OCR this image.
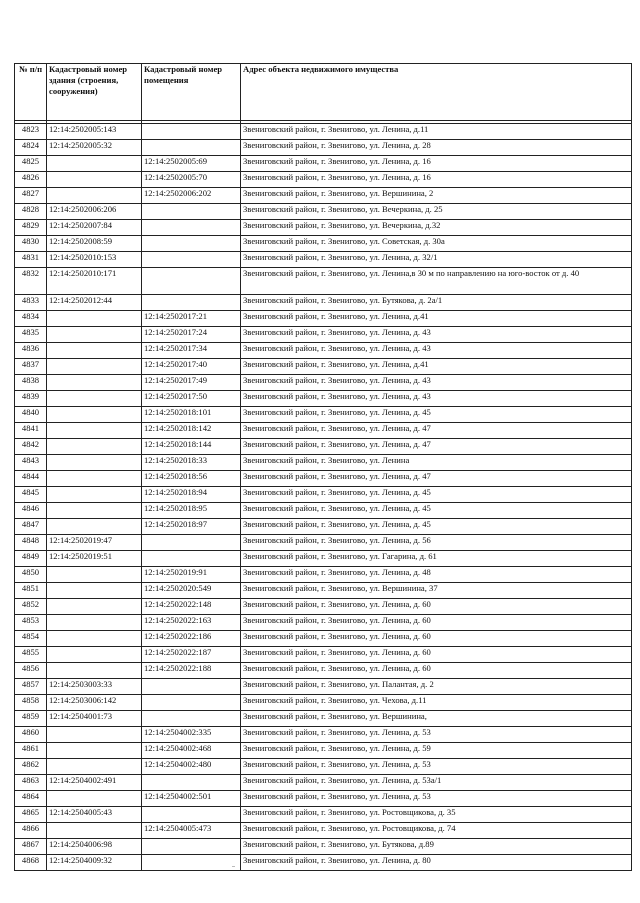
№ п/п	Кадастровый номер здания (строения, сооружения)	Кадастровый номер помещения	Адрес объекта недвижимого имущества

4823	12:14:2502005:143		Звениговский район, г. Звенигово, ул. Ленина, д.11
4824	12:14:2502005:32		Звениговский район, г. Звенигово, ул. Ленина, д. 28
4825		12:14:2502005:69	Звениговский район, г. Звенигово, ул. Ленина, д. 16
4826		12:14:2502005:70	Звениговский район, г. Звенигово, ул. Ленина, д. 16
4827		12:14:2502006:202	Звениговский район, г. Звенигово, ул. Вершинина, 2
4828	12:14:2502006:206		Звениговский район, г. Звенигово, ул. Вечеркина, д. 25
4829	12:14:2502007:84		Звениговский район, г. Звенигово, ул. Вечеркина, д.32
4830	12:14:2502008:59		Звениговский район, г. Звенигово, ул. Советская, д. 30а
4831	12:14:2502010:153		Звениговский район, г. Звенигово, ул. Ленина, д. 32/1
4832	12:14:2502010:171		Звениговский район, г. Звенигово, ул. Ленина,в 30 м по направлению на юго-восток от д. 40
4833	12:14:2502012:44		Звениговский район, г. Звенигово, ул. Бутякова, д. 2а/1
4834		12:14:2502017:21	Звениговский район, г. Звенигово, ул. Ленина, д.41
4835		12:14:2502017:24	Звениговский район, г. Звенигово, ул. Ленина, д. 43
4836		12:14:2502017:34	Звениговский район, г. Звенигово, ул. Ленина, д. 43
4837		12:14:2502017:40	Звениговский район, г. Звенигово, ул. Ленина, д.41
4838		12:14:2502017:49	Звениговский район, г. Звенигово, ул. Ленина, д. 43
4839		12:14:2502017:50	Звениговский район, г. Звенигово, ул. Ленина, д. 43
4840		12:14:2502018:101	Звениговский район, г. Звенигово, ул. Ленина, д. 45
4841		12:14:2502018:142	Звениговский район, г. Звенигово, ул. Ленина, д. 47
4842		12:14:2502018:144	Звениговский район, г. Звенигово, ул. Ленина, д. 47
4843		12:14:2502018:33	Звениговский район, г. Звенигово, ул. Ленина
4844		12:14:2502018:56	Звениговский район, г. Звенигово, ул. Ленина, д. 47
4845		12:14:2502018:94	Звениговский район, г. Звенигово, ул. Ленина, д. 45
4846		12:14:2502018:95	Звениговский район, г. Звенигово, ул. Ленина, д. 45
4847		12:14:2502018:97	Звениговский район, г. Звенигово, ул. Ленина, д. 45
4848	12:14:2502019:47		Звениговский район, г. Звенигово, ул. Ленина, д. 56
4849	12:14:2502019:51		Звениговский район, г. Звенигово, ул. Гагарина, д. 61
4850		12:14:2502019:91	Звениговский район, г. Звенигово, ул. Ленина, д. 48
4851		12:14:2502020:549	Звениговский район, г. Звенигово, ул. Вершинина, 37
4852		12:14:2502022:148	Звениговский район, г. Звенигово, ул. Ленина, д. 60
4853		12:14:2502022:163	Звениговский район, г. Звенигово, ул. Ленина, д. 60
4854		12:14:2502022:186	Звениговский район, г. Звенигово, ул. Ленина, д. 60
4855		12:14:2502022:187	Звениговский район, г. Звенигово, ул. Ленина, д. 60
4856		12:14:2502022:188	Звениговский район, г. Звенигово, ул. Ленина, д. 60
4857	12:14:2503003:33		Звениговский район, г. Звенигово, ул. Палантая, д. 2
4858	12:14:2503006:142		Звениговский район, г. Звенигово, ул. Чехова, д.11
4859	12:14:2504001:73		Звениговский район, г. Звенигово, ул. Вершинина,
4860		12:14:2504002:335	Звениговский район, г. Звенигово, ул. Ленина, д. 53
4861		12:14:2504002:468	Звениговский район, г. Звенигово, ул. Ленина, д. 59
4862		12:14:2504002:480	Звениговский район, г. Звенигово, ул. Ленина, д. 53
4863	12:14:2504002:491		Звениговский район, г. Звенигово, ул. Ленина, д. 53а/1
4864		12:14:2504002:501	Звениговский район, г. Звенигово, ул. Ленина, д. 53
4865	12:14:2504005:43		Звениговский район, г. Звенигово, ул. Ростовщикова, д. 35
4866		12:14:2504005:473	Звениговский район, г. Звенигово, ул. Ростовщикова, д. 74
4867	12:14:2504006:98		Звениговский район, г. Звенигово, ул. Бутякова, д.89
4868	12:14:2504009:32		Звениговский район, г. Звенигово, ул. Ленина, д. 80
